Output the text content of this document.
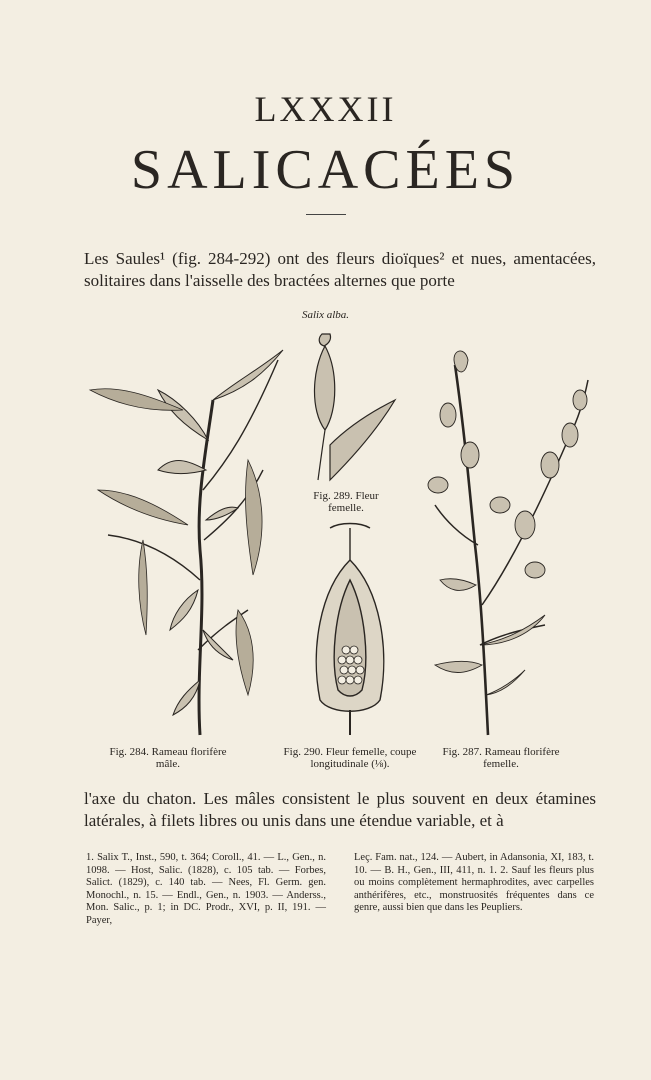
LXXXII
SALICACÉES
Les Saules¹ (fig. 284-292) ont des fleurs dioïques² et nues, amentacées, solitaires dans l'aisselle des bractées alternes que porte
Salix alba.
Fig. 289. Fleur femelle.
Fig. 284. Rameau florifère mâle.
Fig. 290. Fleur femelle, coupe longitudinale (⅛).
Fig. 287. Rameau florifère femelle.
l'axe du chaton. Les mâles consistent le plus souvent en deux étamines latérales, à filets libres ou unis dans une étendue variable, et à
1. Salix T., Inst., 590, t. 364; Coroll., 41. — L., Gen., n. 1098. — Host, Salic. (1828), c. 105 tab. — Forbes, Salict. (1829), c. 140 tab. — Nees, Fl. Germ. gen. Monochl., n. 15. — Endl., Gen., n. 1903. — Anderss., Mon. Salic., p. 1; in DC. Prodr., XVI, p. II, 191. — Payer,
Leç. Fam. nat., 124. — Aubert, in Adansonia, XI, 183, t. 10. — B. H., Gen., III, 411, n. 1. 2. Sauf les fleurs plus ou moins complètement hermaphrodites, avec carpelles anthérifères, etc., monstruosités fréquentes dans ce genre, aussi bien que dans les Peupliers.
